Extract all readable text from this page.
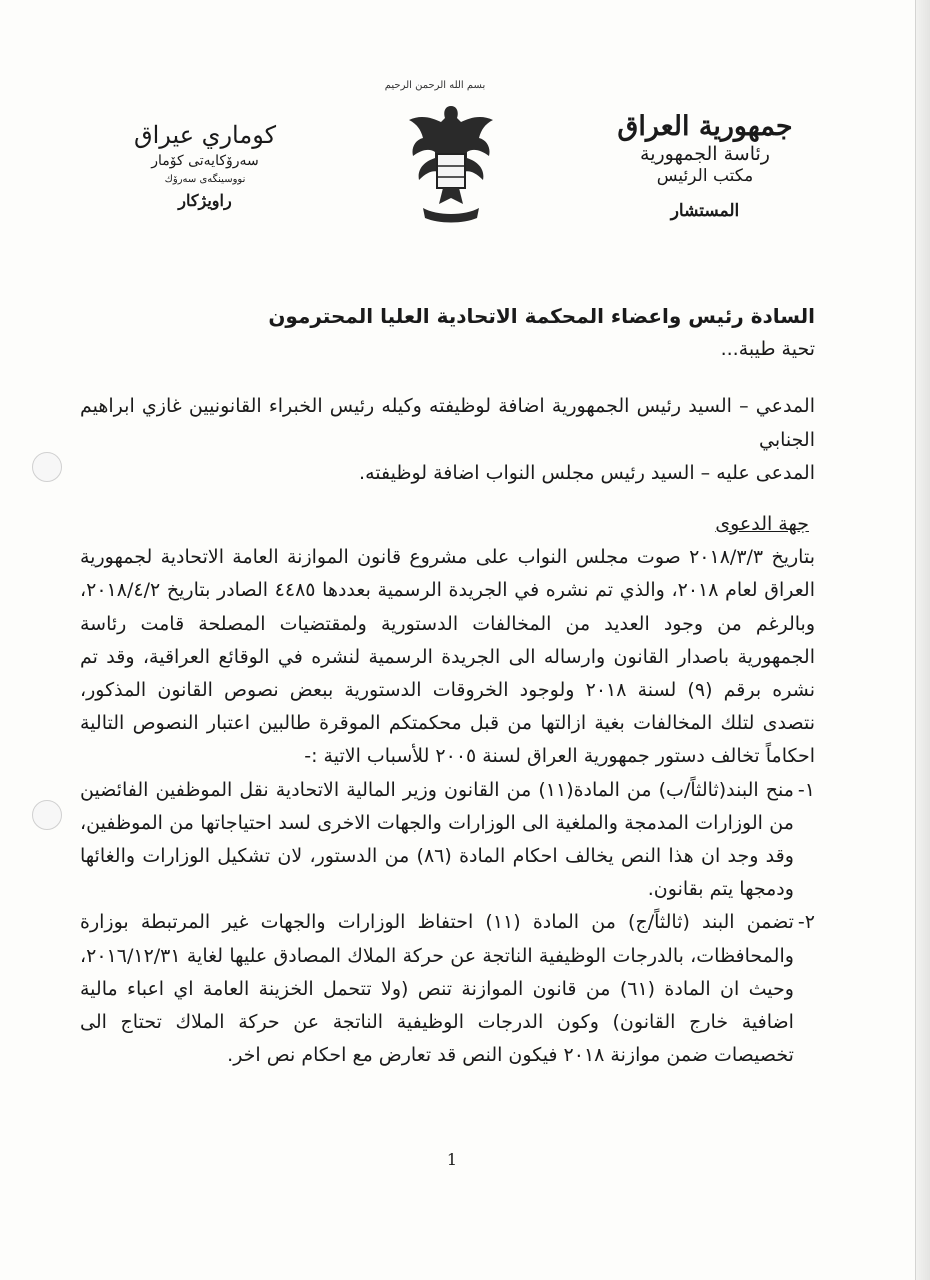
بسم الله الرحمن الرحيم
جمهورية العراق
رئاسة الجمهورية
مكتب الرئيس
المستشار
كوماري عيراق
سەرۆكايەتی كۆمار
نووسینگەی سەرۆك
راويژكار
السادة رئيس واعضاء المحكمة الاتحادية العليا المحترمون
تحية طيبة...
المدعي – السيد رئيس الجمهورية اضافة لوظيفته وكيله رئيس الخبراء القانونيين غازي ابراهيم الجنابي
المدعى عليه – السيد رئيس مجلس النواب اضافة لوظيفته.
جهة الدعوى
بتاريخ ٢٠١٨/٣/٣ صوت مجلس النواب على مشروع قانون الموازنة العامة الاتحادية لجمهورية العراق لعام ٢٠١٨، والذي تم نشره في الجريدة الرسمية بعددها ٤٤٨٥ الصادر بتاريخ ٢٠١٨/٤/٢، وبالرغم من وجود العديد من المخالفات الدستورية ولمقتضيات المصلحة قامت رئاسة الجمهورية باصدار القانون وارساله الى الجريدة الرسمية لنشره في الوقائع العراقية، وقد تم نشره برقم (٩) لسنة ٢٠١٨ ولوجود الخروقات الدستورية ببعض نصوص القانون المذكور، نتصدى لتلك المخالفات بغية ازالتها من قبل محكمتكم الموقرة طالبين اعتبار النصوص التالية احكاماً تخالف دستور جمهورية العراق لسنة ٢٠٠٥ للأسباب الاتية :-
١-
منح البند(ثالثاً/ب) من المادة(١١) من القانون وزير المالية الاتحادية نقل الموظفين الفائضين من الوزارات المدمجة والملغية الى الوزارات والجهات الاخرى لسد احتياجاتها من الموظفين، وقد وجد ان هذا النص يخالف احكام المادة (٨٦) من الدستور، لان تشكيل الوزارات والغائها ودمجها يتم بقانون.
٢-
تضمن البند (ثالثاً/ج) من المادة (١١) احتفاظ الوزارات والجهات غير المرتبطة بوزارة والمحافظات، بالدرجات الوظيفية الناتجة عن حركة الملاك المصادق عليها لغاية ٢٠١٦/١٢/٣١، وحيث ان المادة (٦١) من قانون الموازنة تنص (ولا تتحمل الخزينة العامة اي اعباء مالية اضافية خارج القانون) وكون الدرجات الوظيفية الناتجة عن حركة الملاك تحتاج الى تخصيصات ضمن موازنة ٢٠١٨ فيكون النص قد تعارض مع احكام نص اخر.
1
